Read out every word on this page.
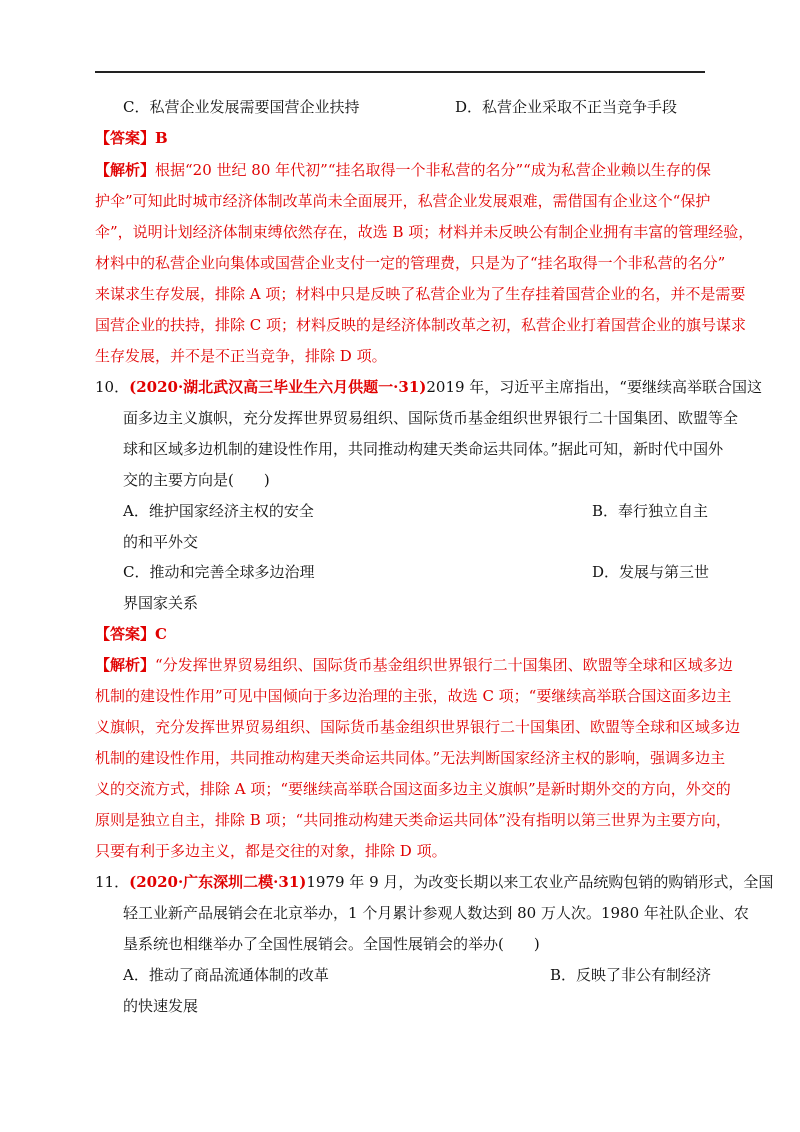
C．私营企业发展需要国营企业扶持	D．私营企业采取不正当竞争手段
【答案】B
【解析】根据“20 世纪 80 年代初”“挂名取得一个非私营的名分”“成为私营企业赖以生存的保
护伞”可知此时城市经济体制改革尚未全面展开，私营企业发展艰难，需借国有企业这个“保护
伞”，说明计划经济体制束缚依然存在，故选 B 项；材料并未反映公有制企业拥有丰富的管理经验，
材料中的私营企业向集体或国营企业支付一定的管理费，只是为了“挂名取得一个非私营的名分”
来谋求生存发展，排除 A 项；材料中只是反映了私营企业为了生存挂着国营企业的名，并不是需要
国营企业的扶持，排除 C 项；材料反映的是经济体制改革之初，私营企业打着国营企业的旗号谋求
生存发展，并不是不正当竞争，排除 D 项。
10．(2020·湖北武汉高三毕业生六月供题一·31)2019 年，习近平主席指出，“要继续高举联合国这
面多边主义旗帜，充分发挥世界贸易组织、国际货币基金组织世界银行二十国集团、欧盟等全
球和区域多边机制的建设性作用，共同推动构建天类命运共同体。”据此可知，新时代中国外
交的主要方向是(　　)
A．维护国家经济主权的安全	B．奉行独立自主
的和平外交
C．推动和完善全球多边治理	D．发展与第三世
界国家关系
【答案】C
【解析】“分发挥世界贸易组织、国际货币基金组织世界银行二十国集团、欧盟等全球和区域多边
机制的建设性作用”可见中国倾向于多边治理的主张，故选 C 项；“要继续高举联合国这面多边主
义旗帜，充分发挥世界贸易组织、国际货币基金组织世界银行二十国集团、欧盟等全球和区域多边
机制的建设性作用，共同推动构建天类命运共同体。”无法判断国家经济主权的影响，强调多边主
义的交流方式，排除 A 项；“要继续高举联合国这面多边主义旗帜”是新时期外交的方向，外交的
原则是独立自主，排除 B 项；“共同推动构建天类命运共同体”没有指明以第三世界为主要方向，
只要有利于多边主义，都是交往的对象，排除 D 项。
11．(2020·广东深圳二模·31)1979 年 9 月，为改变长期以来工农业产品统购包销的购销形式，全国
轻工业新产品展销会在北京举办，1 个月累计参观人数达到 80 万人次。1980 年社队企业、农
垦系统也相继举办了全国性展销会。全国性展销会的举办(　　)
A．推动了商品流通体制的改革	B．反映了非公有制经济
的快速发展
